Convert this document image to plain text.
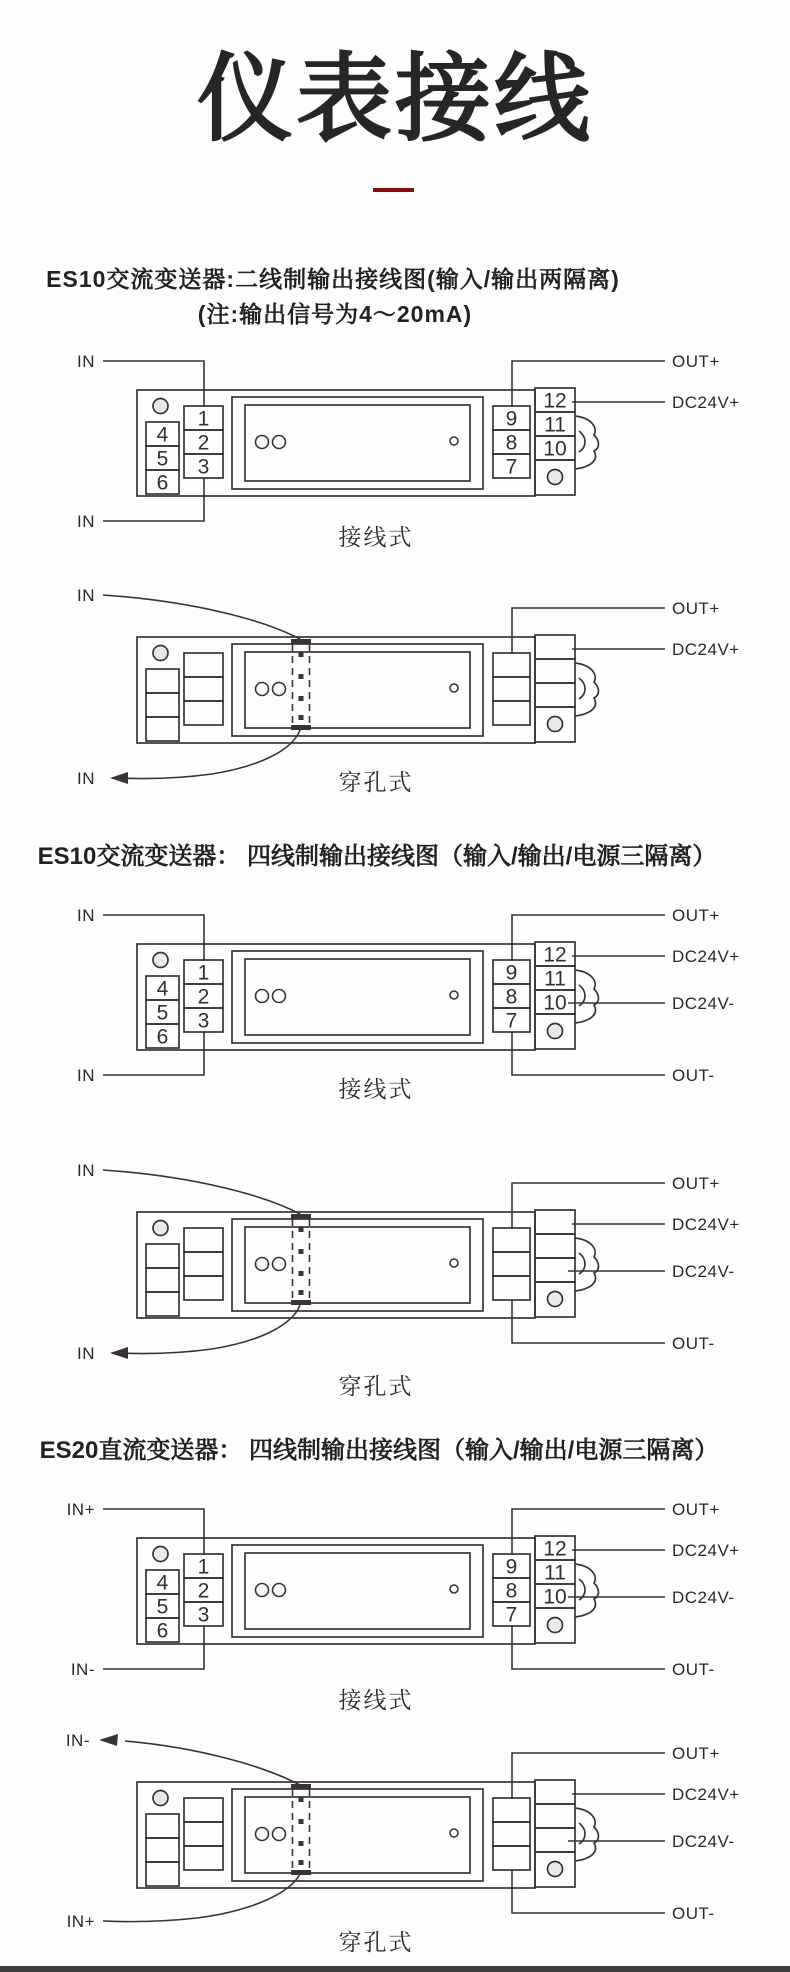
仪表接线
ES10交流变送器:二线制输出接线图(输入/输出两隔离)
(注:输出信号为4～20mA)
1
2
3
4
5
6
9
8
7
12
11
10
IN
IN
OUT+
DC24V+
接线式
IN
IN
OUT+
DC24V+
穿孔式
ES10交流变送器： 四线制输出接线图（输入/输出/电源三隔离）
1
2
3
4
5
6
9
8
7
12
11
10
IN
IN
OUT+
DC24V+
DC24V-
OUT-
接线式
IN
IN
OUT+
DC24V+
DC24V-
OUT-
穿孔式
ES20直流变送器： 四线制输出接线图（输入/输出/电源三隔离）
1
2
3
4
5
6
9
8
7
12
11
10
IN+
IN-
OUT+
DC24V+
DC24V-
OUT-
接线式
IN-
IN+
OUT+
DC24V+
DC24V-
OUT-
穿孔式
